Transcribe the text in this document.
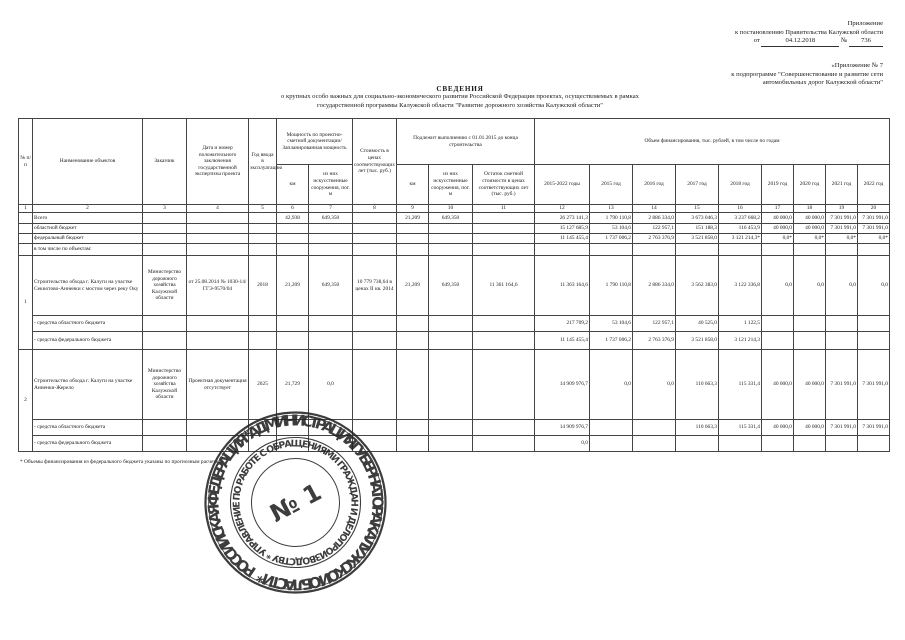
Приложение
к постановлению Правительства Калужской области
от	04.12.2018	№ 736
«Приложение № 7
к подпрограмме "Совершенствование и развитие сети
автомобильных дорог Калужской области"
СВЕДЕНИЯ
о крупных особо важных для социально-экономического развития Российской Федерации проектах, осуществляемых в рамках
государственной программы Калужской области "Развитие дорожного хозяйства Калужской области"
№ п/п	Наименование объектов	Заказчик	Дата и номер положительного заключения государственной экспертизы проекта	Год ввода в эксплуатацию	Мощность по проектно-сметной документации/ Запланированная мощность		Стоимость в ценах соответствующих лет (тыс. руб.)	Подлежит выполнению с 01.01.2015 до конца строительства			Объем финансирования, тыс. рублей, в том числе по годам								
					км	из них искусственные сооружения, пог. м		км	из них искусственные сооружения, пог. м	Остаток сметной стоимости в ценах соответствующих лет (тыс. руб.)	2015-2022 годы	2015 год	2016 год	2017 год	2018 год	2019 год	2020 год	2021 год	2022 год
1	2	3	4	5	6	7	8	9	10	11	12	13	14	15	16	17	18	19	20
	Всего				42,938	649,350		21,209	649,350		26 273 141,3	1 790 110,8	2 886 334,0	3 673 046,3	3 237 668,2	40 000,0	40 000,0	7 301 991,0	7 301 991,0
	областной бюджет										15 127 685,9	53 104,6	122 957,1	151 188,3	116 453,9	40 000,0	40 000,0	7 301 991,0	7 301 991,0
	федеральный бюджет										11 145 455,4	1 737 006,2	2 763 376,9	3 521 858,0	3 121 214,3*	0,0*	0,0*	0,0*	0,0*
	в том числе по объектам:																		
1	Строительство обхода г. Калуги на участке Секиотово-Анненки с мостом через реку Оку	Министерство дорожного хозяйства Калужской области	от 25.08.2014 № 1030-14/ГГЭ-9570/04	2018	21,209	649,350	10 779 738,64 в ценах II кв. 2014	21,209	649,350	11 361 164,6	11 363 164,6	1 790 110,8	2 886 334,0	3 562 383,0	3 122 336,8	0,0	0,0	0,0	0,0
	- средства областного бюджета										217 709,2	53 104,6	122 957,1	40 525,0	1 122,5				
	- средства федерального бюджета										11 145 455,4	1 737 006,2	2 763 376,9	3 521 858,0	3 121 214,3				
2	Строительство обхода г. Калуги на участке Анненки-Жерело	Министерство дорожного хозяйства Калужской области	Проектная документация отсутствует	2025	21,729	0,0					14 909 976,7	0,0	0,0	110 663,3	115 331,4	40 000,0	40 000,0	7 301 991,0	7 301 991,0
	- средства областного бюджета										14 909 976,7			110 663,3	115 331,4	40 000,0	40 000,0	7 301 991,0	7 301 991,0
	- средства федерального бюджета										0,0								
* Объемы финансирования из федерального бюджета указаны по прогнозным расчетам
РОССИЙСКАЯ ФЕДЕРАЦИЯ * АДМИНИСТРАЦИЯ ГУБЕРНАТОРА КАЛУЖСКОЙ ОБЛАСТИ *
УПРАВЛЕНИЕ ПО РАБОТЕ С ОБРАЩЕНИЯМИ ГРАЖДАН И ДЕЛОПРОИЗВОДСТВУ *
№ 1
